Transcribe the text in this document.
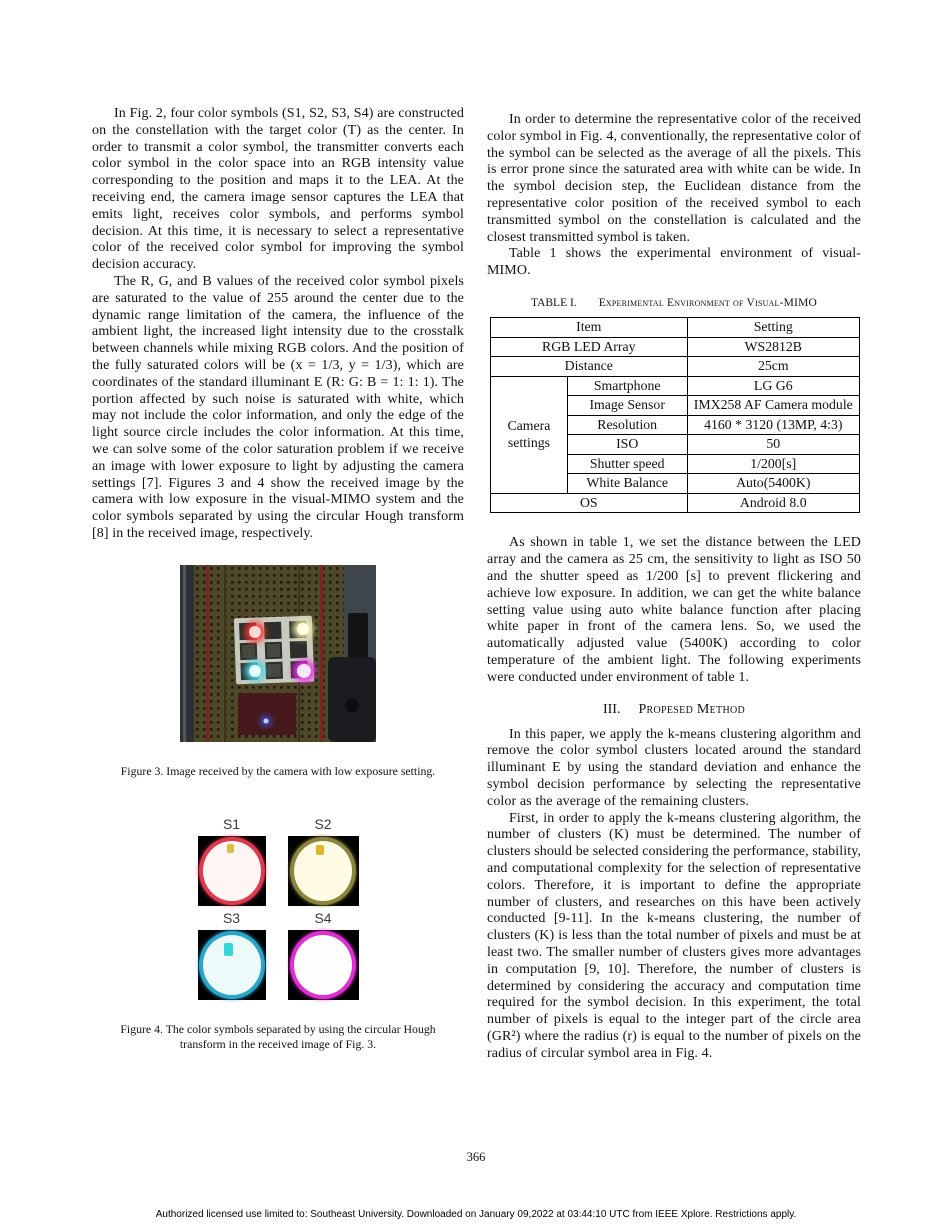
In Fig. 2, four color symbols (S1, S2, S3, S4) are constructed on the constellation with the target color (T) as the center. In order to transmit a color symbol, the transmitter converts each color symbol in the color space into an RGB intensity value corresponding to the position and maps it to the LEA. At the receiving end, the camera image sensor captures the LEA that emits light, receives color symbols, and performs symbol decision. At this time, it is necessary to select a representative color of the received color symbol for improving the symbol decision accuracy.

The R, G, and B values of the received color symbol pixels are saturated to the value of 255 around the center due to the dynamic range limitation of the camera, the influence of the ambient light, the increased light intensity due to the crosstalk between channels while mixing RGB colors. And the position of the fully saturated colors will be (x = 1/3, y = 1/3), which are coordinates of the standard illuminant E (R: G: B = 1: 1: 1). The portion affected by such noise is saturated with white, which may not include the color information, and only the edge of the light source circle includes the color information. At this time, we can solve some of the color saturation problem if we receive an image with lower exposure to light by adjusting the camera settings [7]. Figures 3 and 4 show the received image by the camera with low exposure in the visual-MIMO system and the color symbols separated by using the circular Hough transform [8] in the received image, respectively.

Figure 3. Image received by the camera with low exposure setting.
S1	S2
S3	S4
Figure 4. The color symbols separated by using the circular Hough transform in the received image of Fig. 3.

In order to determine the representative color of the received color symbol in Fig. 4, conventionally, the representative color of the symbol can be selected as the average of all the pixels. This is error prone since the saturated area with white can be wide. In the symbol decision step, the Euclidean distance from the representative color position of the received symbol to each transmitted symbol on the constellation is calculated and the closest transmitted symbol is taken.

Table 1 shows the experimental environment of visual-MIMO.

TABLE I. Experimental Environment of Visual-MIMO
Item		Setting
RGB LED Array		WS2812B
Distance		25cm
Camera settings	Smartphone	LG G6
	Image Sensor	IMX258 AF Camera module
	Resolution	4160 * 3120 (13MP, 4:3)
	ISO	50
	Shutter speed	1/200[s]
	White Balance	Auto(5400K)
OS		Android 8.0

As shown in table 1, we set the distance between the LED array and the camera as 25 cm, the sensitivity to light as ISO 50 and the shutter speed as 1/200 [s] to prevent flickering and achieve low exposure. In addition, we can get the white balance setting value using auto white balance function after placing white paper in front of the camera lens. So, we used the automatically adjusted value (5400K) according to color temperature of the ambient light. The following experiments were conducted under environment of table 1.

III. Propesed Method

In this paper, we apply the k-means clustering algorithm and remove the color symbol clusters located around the standard illuminant E by using the standard deviation and enhance the symbol decision performance by selecting the representative color as the average of the remaining clusters.

First, in order to apply the k-means clustering algorithm, the number of clusters (K) must be determined. The number of clusters should be selected considering the performance, stability, and computational complexity for the selection of representative colors. Therefore, it is important to define the appropriate number of clusters, and researches on this have been actively conducted [9-11]. In the k-means clustering, the number of clusters (K) is less than the total number of pixels and must be at least two. The smaller number of clusters gives more advantages in computation [9, 10]. Therefore, the number of clusters is determined by considering the accuracy and computation time required for the symbol decision. In this experiment, the total number of pixels is equal to the integer part of the circle area (GR²) where the radius (r) is equal to the number of pixels on the radius of circular symbol area in Fig. 4.

366
Authorized licensed use limited to: Southeast University. Downloaded on January 09,2022 at 03:44:10 UTC from IEEE Xplore. Restrictions apply.
